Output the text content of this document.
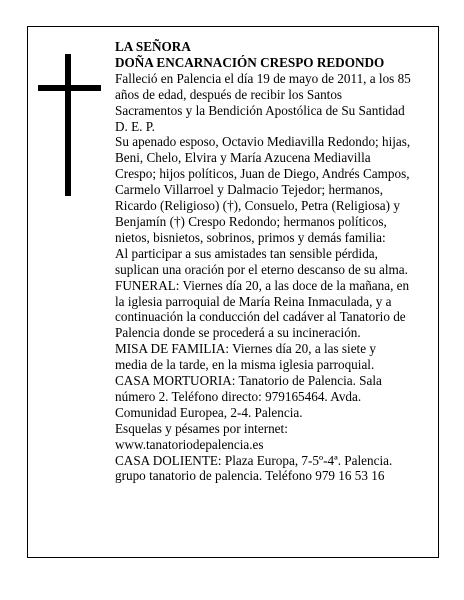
LA SEÑORA
DOÑA ENCARNACIÓN CRESPO REDONDO
Falleció en Palencia el día 19 de mayo de 2011, a los 85
años de edad, después de recibir los Santos
Sacramentos y la Bendición Apostólica de Su Santidad
D. E. P.
Su apenado esposo, Octavio Mediavilla Redondo; hijas,
Beni, Chelo, Elvira y María Azucena Mediavilla
Crespo; hijos políticos, Juan de Diego, Andrés Campos,
Carmelo Villarroel y Dalmacio Tejedor; hermanos,
Ricardo (Religioso) (†), Consuelo, Petra (Religiosa) y
Benjamín (†) Crespo Redondo; hermanos políticos,
nietos, bisnietos, sobrinos, primos y demás familia:
Al participar a sus amistades tan sensible pérdida,
suplican una oración por el eterno descanso de su alma.
FUNERAL: Viernes día 20, a las doce de la mañana, en
la iglesia parroquial de María Reina Inmaculada, y a
continuación la conducción del cadáver al Tanatorio de
Palencia donde se procederá a su incineración.
MISA DE FAMILIA: Viernes día 20, a las siete y
media de la tarde, en la misma iglesia parroquial.
CASA MORTUORIA: Tanatorio de Palencia. Sala
número 2. Teléfono directo: 979165464. Avda.
Comunidad Europea, 2-4. Palencia.
Esquelas y pésames por internet:
www.tanatoriodepalencia.es
CASA DOLIENTE: Plaza Europa, 7-5º-4ª. Palencia.
grupo tanatorio de palencia. Teléfono 979 16 53 16
